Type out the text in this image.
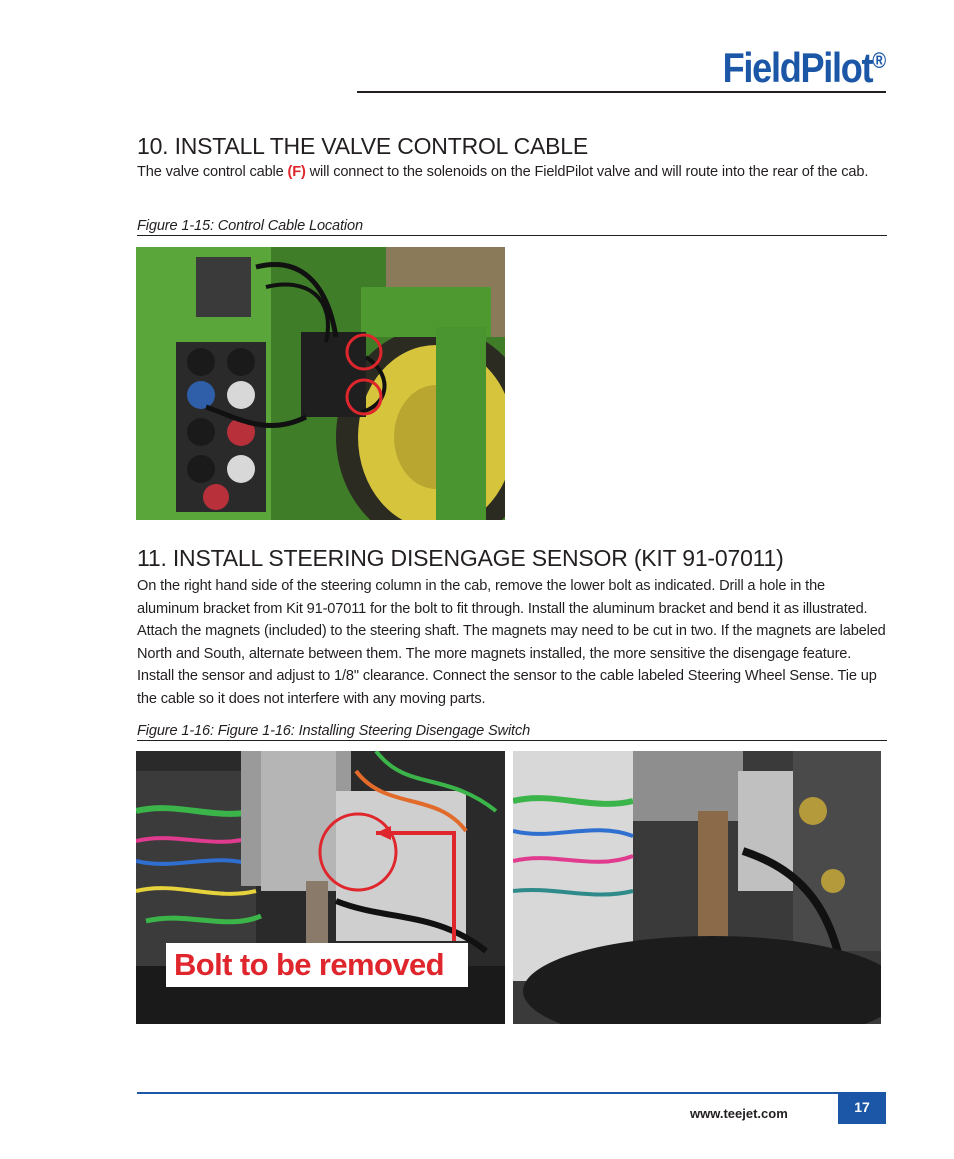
FieldPilot®
10. INSTALL THE VALVE CONTROL CABLE

The valve control cable (F) will connect to the solenoids on the FieldPilot valve and will route into the rear of the cab.

Figure 1-15: Control Cable Location
11. INSTALL STEERING DISENGAGE SENSOR (KIT 91-07011)

On the right hand side of the steering column in the cab, remove the lower bolt as indicated. Drill a hole in the aluminum bracket from Kit 91-07011 for the bolt to fit through. Install the aluminum bracket and bend it as illustrated. Attach the magnets (included) to the steering shaft. The magnets may need to be cut in two. If the magnets are labeled North and South, alternate between them. The more magnets installed, the more sensitive the disengage feature. Install the sensor and adjust to 1/8" clearance. Connect the sensor to the cable labeled Steering Wheel Sense. Tie up the cable so it does not interfere with any moving parts.

Figure 1-16: Figure 1-16: Installing Steering Disengage Switch
Bolt to be removed
www.teejet.com	17
